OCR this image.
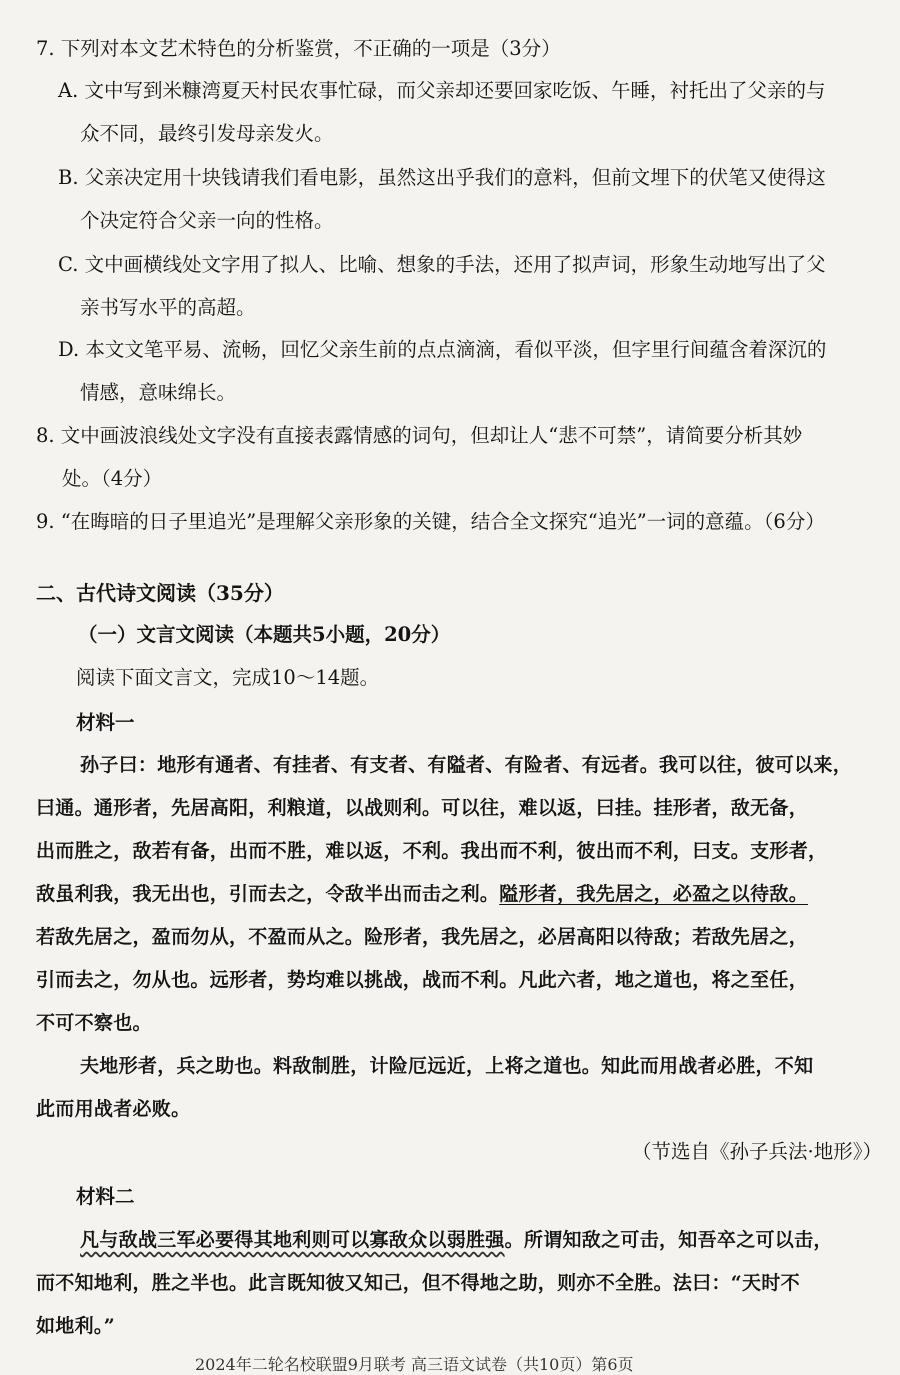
7. 下列对本文艺术特色的分析鉴赏，不正确的一项是（3分）
A. 文中写到米糠湾夏天村民农事忙碌，而父亲却还要回家吃饭、午睡，衬托出了父亲的与
众不同，最终引发母亲发火。
B. 父亲决定用十块钱请我们看电影，虽然这出乎我们的意料，但前文埋下的伏笔又使得这
个决定符合父亲一向的性格。
C. 文中画横线处文字用了拟人、比喻、想象的手法，还用了拟声词，形象生动地写出了父
亲书写水平的高超。
D. 本文文笔平易、流畅，回忆父亲生前的点点滴滴，看似平淡，但字里行间蕴含着深沉的
情感，意味绵长。
8. 文中画波浪线处文字没有直接表露情感的词句，但却让人“悲不可禁”，请简要分析其妙
处。（4分）
9. “在晦暗的日子里追光”是理解父亲形象的关键，结合全文探究“追光”一词的意蕴。（6分）
二、古代诗文阅读（35分）
（一）文言文阅读（本题共5小题，20分）
阅读下面文言文，完成10～14题。
材料一
孙子曰：地形有通者、有挂者、有支者、有隘者、有险者、有远者。我可以往，彼可以来，
曰通。通形者，先居高阳，利粮道，以战则利。可以往，难以返，曰挂。挂形者，敌无备，
出而胜之，敌若有备，出而不胜，难以返，不利。我出而不利，彼出而不利，曰支。支形者，
敌虽利我，我无出也，引而去之，令敌半出而击之利。隘形者，我先居之，必盈之以待敌。
若敌先居之，盈而勿从，不盈而从之。险形者，我先居之，必居高阳以待敌；若敌先居之，
引而去之，勿从也。远形者，势均难以挑战，战而不利。凡此六者，地之道也，将之至任，
不可不察也。
夫地形者，兵之助也。料敌制胜，计险厄远近，上将之道也。知此而用战者必胜，不知
此而用战者必败。
（节选自《孙子兵法·地形》）
材料二
凡与敌战三军必要得其地利则可以寡敌众以弱胜强。所谓知敌之可击，知吾卒之可以击，
而不知地利，胜之半也。此言既知彼又知己，但不得地之助，则亦不全胜。法曰：“天时不
如地利。”
2024年二轮名校联盟9月联考 高三语文试卷（共10页）第6页
